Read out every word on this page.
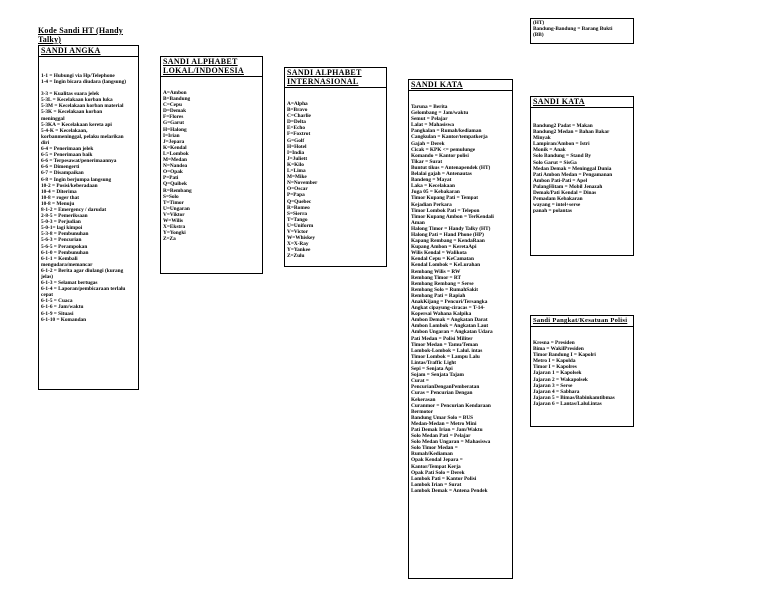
Kode Sandi HT (Handy
Talky)
SANDI ANGKA
1-1 = Hubungi via Hp/Telephone
1-4 = Ingin bicara diudara (langsung)
3-3 = Kualitas suara jelek
5-3L = Kecelakaan korban luka
5-3M = Kecelakaan korban material
5-3K = Kecelakaan korban
meninggal
5-3KA = Kecelakaan kereta api
5-4-K = Kecelakaan,
korbanmeninggal, pelaku melarikan
diri
6-4 = Penerimaan jelek
6-5 = Penerimaan baik
6-6 = Terpesawat/penerimaannya
6-6 = Dimengerti
6-7 = Disampaikan
6-8 = Ingin berjumpa langsung
10-2 = Posisi/keberadaan
10-4 = Diterima
10-8 = roger that
10-8 = Menuju
8-1-2 = Emergency / darudat
2-8-5 = Pemeriksaan
5-0-3 = Perjudian
5-0-1= lagi kimpoi
5-3-8 = Pembunuhan
5-6-3 = Pencurian
5-6-5 = Perampokan
6-1-0 = Pembunuhan
6-1-1 = Kembali
mengudara/memancar
6-1-2 = Berita agar diulangi (kurang
jelas)
6-1-3 = Selamat bertugas
6-1-4 = Laporan/pembicaraan terlalu
cepat
6-1-5 = Cuaca
6-1-6 = Jam/waktu
6-1-9 = Situasi
6-1-10 = Komandan
SANDI ALPHABET
LOKAL/INDONESIA
A=Ambon
B=Bandung
C=Cepu
D=Demak
F=Flores
G=Garut
H=Halong
I=Irian
J=Jepara
K=Kendal
L=Lombok
M=Medan
N=Nandea
O=Opak
P=Pati
Q=Quibek
R=Rembang
S=Solo
T=Timor
U=Ungaran
V=Viktor
W=Wilis
X=Ekstra
Y=Yongki
Z=Za
SANDI ALPHABET
INTERNASIONAL
A=Alpha
B=Bravo
C=Charlie
D=Delta
E=Echo
F=Foxtrot
G=Golf
H=Hotel
I=India
J=Juliett
K=Kilo
L=Lima
M=Mike
N=November
O=Oscar
P=Papa
Q=Quebec
R=Romeo
S=Sierra
T=Tango
U=Uniform
V=Victor
W=Whiskey
X=X-Ray
Y=Yankee
Z=Zulu
SANDI KATA
Taruna = Berita
Gelombang = Jam/waktu
Semut = Pelajar
Lalat = Mahasiswa
Pangkalan = Rumah/kediaman
Cangkulan = Kantor/tempatkerja
Gajah = Derek
Cicak = KPK <= pemulunge
Komando = Kantor polisi
Tikar = Surat
Buntut tikus = Antenapendek (HT)
Belalai gajah = Antenautas
Bandeng = Mayat
Laka = Kecelakaan
Juga 05 = Kebakaran
Timor Kupang Pati = Tempat
Kejadian Perkara
Timor Lombok Pati = Telepon
Timor Kupang Ambon = TerKendali
Aman
Halong Timor = Handy Talky (HT)
Halong Pati = Hand Phone (HP)
Kapang Rembang = KendaRaan
Kupang Ambon = KeretaApi
Wilis Kendal = Walikota
Kendal Cepu = KeCamatan
Kendal Lombok = KeLurahan
Rembang Wilis = RW
Rembang Timor = RT
Rembang Rembang = Serse
Rembang Solo = RumahSakit
Rembang Pati = Rapiah
AnakKijang = Pencuri/Tersangka
Angkat cipayung-ciracas = T-14-
Kopersai Wahana Kalpika
Ambon Demak = Angkatan Darat
Ambon Lombok = Angkatan Laut
Ambon Ungaran = Angkatan Udara
Pati Medan = Polisi Militer
Timor Medan = Tamu/Teman
Lombok-Lombok = Lalul. intas
Timor Lombok = Lampu Lalu
Lintas/Traffic Light
Sepi = Senjata Api
Sojam = Senjata Tajam
Curat =
PencurianDenganPemberatan
Curas = Pencurian Dengan
Kekerasan
Curanmor = Pencurian Kendaraan
Bermotor
Bandung Umar Solo = BUS
Medan-Medan = Metro Mini
Pati Demak Irian = Jam/Waktu
Solo Medan Pati = Pelajar
Solo Medan Ungaran = Mahasiswa
Solo Timor Medan =
Rumah/Kediaman
Opak Kendal Jepara =
Kantor/Tempat Kerja
Opak Pati Solo = Derek
Lombok Pati = Kantor Polisi
Lombok Irian = Surat
Lombok Demak = Antena Pendek
(HT)
Bandung-Bandung = Barang Bukti
(BB)
SANDI KATA
Bandung2 Padat = Makan
Bandung2 Medan = Bahan Bakar
Minyak
Lampiran/Ambon = Istri
Monik = Anak
Solo Bandung = Stand By
Solo Garut = SisGa
Medan Demak = Meninggal Dunia
Pati Ambon Medan = Pengamanan
Ambon Pati-Pati = Apel
PulangHitam = Mobil Jenazah
Demak/Pati Kendal = Dinas
Pemadam Kebakaran
wayang = intel+serse
panah = polantas
Sandi Pangkat/Kesatuan Polisi
Kresna = Presiden
Bima = WakilPresiden
Timor Bandung I = Kapolri
Metro I = Kapolda
Timor I = Kapolres
Jajaran 1 = Kapolsek
Jajaran 2 = Wakapolsek
Jajaran 3 = Serse
Jajaran 4 = Sabhara
Jajaran 5 = Bimas/Babinkamtibmas
Jajaran 6 = Lantas/Lalul.intas
